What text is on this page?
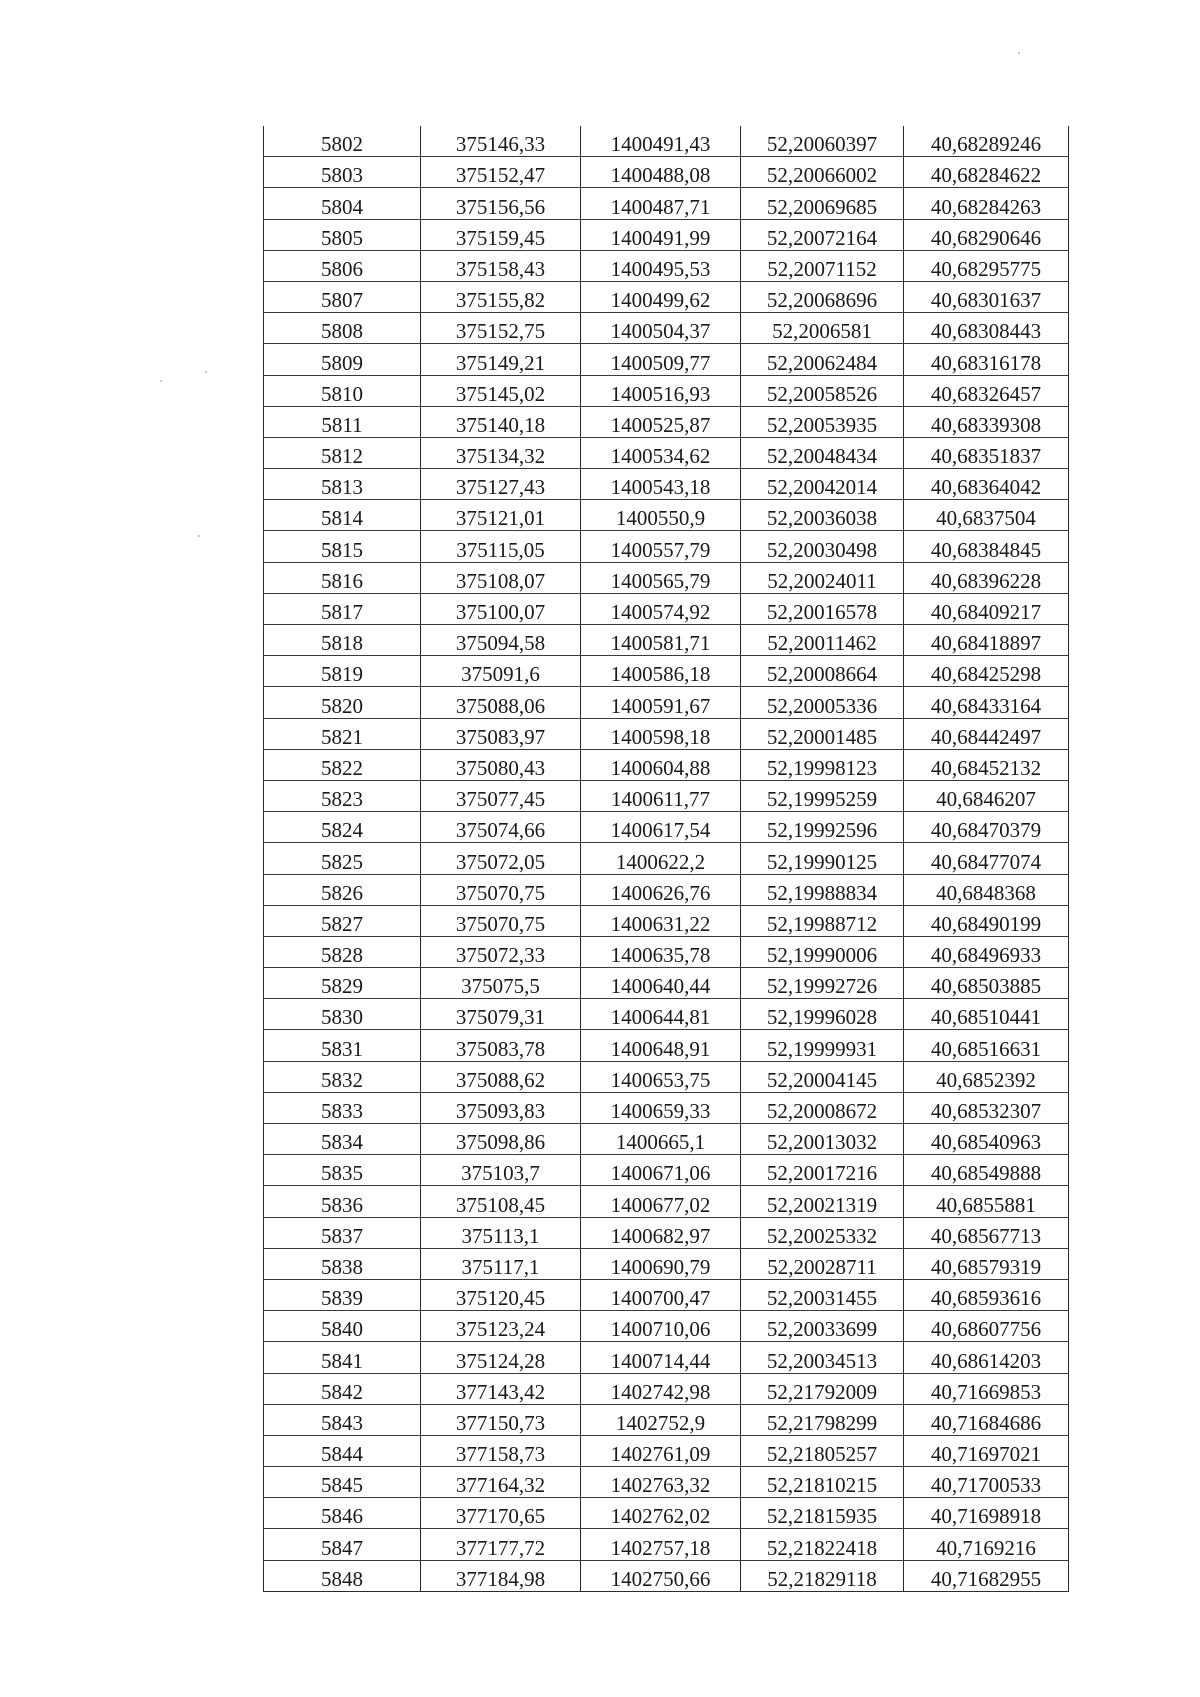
5802	375146,33	1400491,43	52,20060397	40,68289246
5803	375152,47	1400488,08	52,20066002	40,68284622
5804	375156,56	1400487,71	52,20069685	40,68284263
5805	375159,45	1400491,99	52,20072164	40,68290646
5806	375158,43	1400495,53	52,20071152	40,68295775
5807	375155,82	1400499,62	52,20068696	40,68301637
5808	375152,75	1400504,37	52,2006581	40,68308443
5809	375149,21	1400509,77	52,20062484	40,68316178
5810	375145,02	1400516,93	52,20058526	40,68326457
5811	375140,18	1400525,87	52,20053935	40,68339308
5812	375134,32	1400534,62	52,20048434	40,68351837
5813	375127,43	1400543,18	52,20042014	40,68364042
5814	375121,01	1400550,9	52,20036038	40,6837504
5815	375115,05	1400557,79	52,20030498	40,68384845
5816	375108,07	1400565,79	52,20024011	40,68396228
5817	375100,07	1400574,92	52,20016578	40,68409217
5818	375094,58	1400581,71	52,20011462	40,68418897
5819	375091,6	1400586,18	52,20008664	40,68425298
5820	375088,06	1400591,67	52,20005336	40,68433164
5821	375083,97	1400598,18	52,20001485	40,68442497
5822	375080,43	1400604,88	52,19998123	40,68452132
5823	375077,45	1400611,77	52,19995259	40,6846207
5824	375074,66	1400617,54	52,19992596	40,68470379
5825	375072,05	1400622,2	52,19990125	40,68477074
5826	375070,75	1400626,76	52,19988834	40,6848368
5827	375070,75	1400631,22	52,19988712	40,68490199
5828	375072,33	1400635,78	52,19990006	40,68496933
5829	375075,5	1400640,44	52,19992726	40,68503885
5830	375079,31	1400644,81	52,19996028	40,68510441
5831	375083,78	1400648,91	52,19999931	40,68516631
5832	375088,62	1400653,75	52,20004145	40,6852392
5833	375093,83	1400659,33	52,20008672	40,68532307
5834	375098,86	1400665,1	52,20013032	40,68540963
5835	375103,7	1400671,06	52,20017216	40,68549888
5836	375108,45	1400677,02	52,20021319	40,6855881
5837	375113,1	1400682,97	52,20025332	40,68567713
5838	375117,1	1400690,79	52,20028711	40,68579319
5839	375120,45	1400700,47	52,20031455	40,68593616
5840	375123,24	1400710,06	52,20033699	40,68607756
5841	375124,28	1400714,44	52,20034513	40,68614203
5842	377143,42	1402742,98	52,21792009	40,71669853
5843	377150,73	1402752,9	52,21798299	40,71684686
5844	377158,73	1402761,09	52,21805257	40,71697021
5845	377164,32	1402763,32	52,21810215	40,71700533
5846	377170,65	1402762,02	52,21815935	40,71698918
5847	377177,72	1402757,18	52,21822418	40,7169216
5848	377184,98	1402750,66	52,21829118	40,71682955
